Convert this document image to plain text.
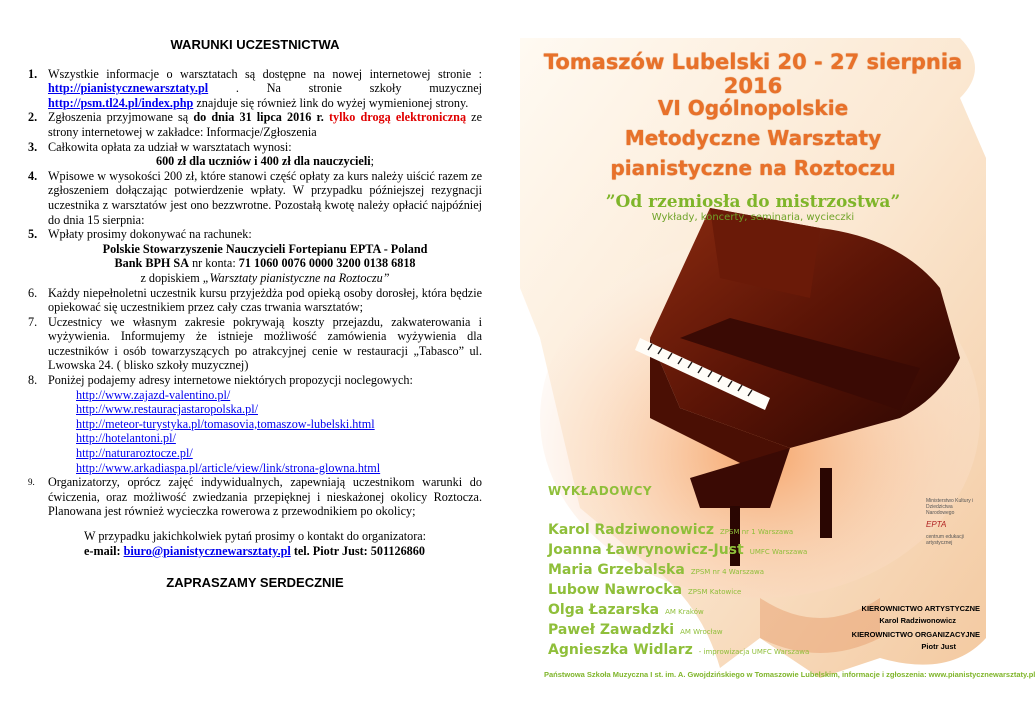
WARUNKI UCZESTNICTWA
1. Wszystkie informacje o warsztatach są dostępne na nowej internetowej stronie : http://pianistycznewarsztaty.pl . Na stronie szkoły muzycznej http://psm.tl24.pl/index.php znajduje się również link do wyżej wymienionej strony.
2. Zgłoszenia przyjmowane są do dnia 31 lipca 2016 r. tylko drogą elektroniczną ze strony internetowej w zakładce: Informacje/Zgłoszenia
3. Całkowita opłata za udział w warsztatach wynosi:
600 zł dla uczniów i 400 zł dla nauczycieli;
4. Wpisowe w wysokości 200 zł, które stanowi część opłaty za kurs należy uiścić razem ze zgłoszeniem dołączając potwierdzenie wpłaty. W przypadku późniejszej rezygnacji uczestnika z warsztatów jest ono bezzwrotne. Pozostałą kwotę należy opłacić najpóźniej do dnia 15 sierpnia:
5. Wpłaty prosimy dokonywać na rachunek:
Polskie Stowarzyszenie Nauczycieli Fortepianu EPTA - Poland
Bank BPH SA nr konta: 71 1060 0076 0000 3200 0138 6818
z dopiskiem „Warsztaty pianistyczne na Roztoczu”
6. Każdy niepełnoletni uczestnik kursu przyjeżdża pod opieką osoby dorosłej, która będzie opiekować się uczestnikiem przez cały czas trwania warsztatów;
7. Uczestnicy we własnym zakresie pokrywają koszty przejazdu, zakwaterowania i wyżywienia. Informujemy że istnieje możliwość zamówienia wyżywienia dla uczestników i osób towarzyszących po atrakcyjnej cenie w restauracji „Tabasco” ul. Lwowska 24. ( blisko szkoły muzycznej)
8. Poniżej podajemy adresy internetowe niektórych propozycji noclegowych:
http://www.zajazd-valentino.pl/
http://www.restauracjastaropolska.pl/
http://meteor-turystyka.pl/tomasovia,tomaszow-lubelski.html
http://hotelantoni.pl/
http://naturaroztocze.pl/
http://www.arkadiaspa.pl/article/view/link/strona-glowna.html
9. Organizatorzy, oprócz zajęć indywidualnych, zapewniają uczestnikom warunki do ćwiczenia, oraz możliwość zwiedzania przepięknej i nieskażonej okolicy Roztocza. Planowana jest również wycieczka rowerowa z przewodnikiem po okolicy;
W przypadku jakichkolwiek pytań prosimy o kontakt do organizatora:
e-mail: biuro@pianistycznewarsztaty.pl tel. Piotr Just: 501126860
ZAPRASZAMY SERDECZNIE
Tomaszów Lubelski 20 - 27 sierpnia 2016
VI Ogólnopolskie
Metodyczne Warsztaty
pianistyczne na Roztoczu
”Od rzemiosła do mistrzostwa”
Wykłady, koncerty, seminaria, wycieczki
WYKŁADOWCY
Karol Radziwonowicz ZPSM nr 1 Warszawa
Joanna Ławrynowicz-Just UMFC Warszawa
Maria Grzebalska ZPSM nr 4 Warszawa
Lubow Nawrocka ZPSM Katowice
Olga Łazarska AM Kraków
Paweł Zawadzki AM Wrocław
Agnieszka Widlarz - improwizacja UMFC Warszawa
Ministerstwo Kultury i Dziedzictwa Narodowego
EPTA
centrum edukacji artystycznej
KIEROWNICTWO ARTYSTYCZNE
Karol Radziwonowicz
KIEROWNICTWO ORGANIZACYJNE
Piotr Just
Państwowa Szkoła Muzyczna I st. im. A. Gwojdzińskiego w Tomaszowie Lubelskim, informacje i zgłoszenia: www.pianistycznewarsztaty.pl
